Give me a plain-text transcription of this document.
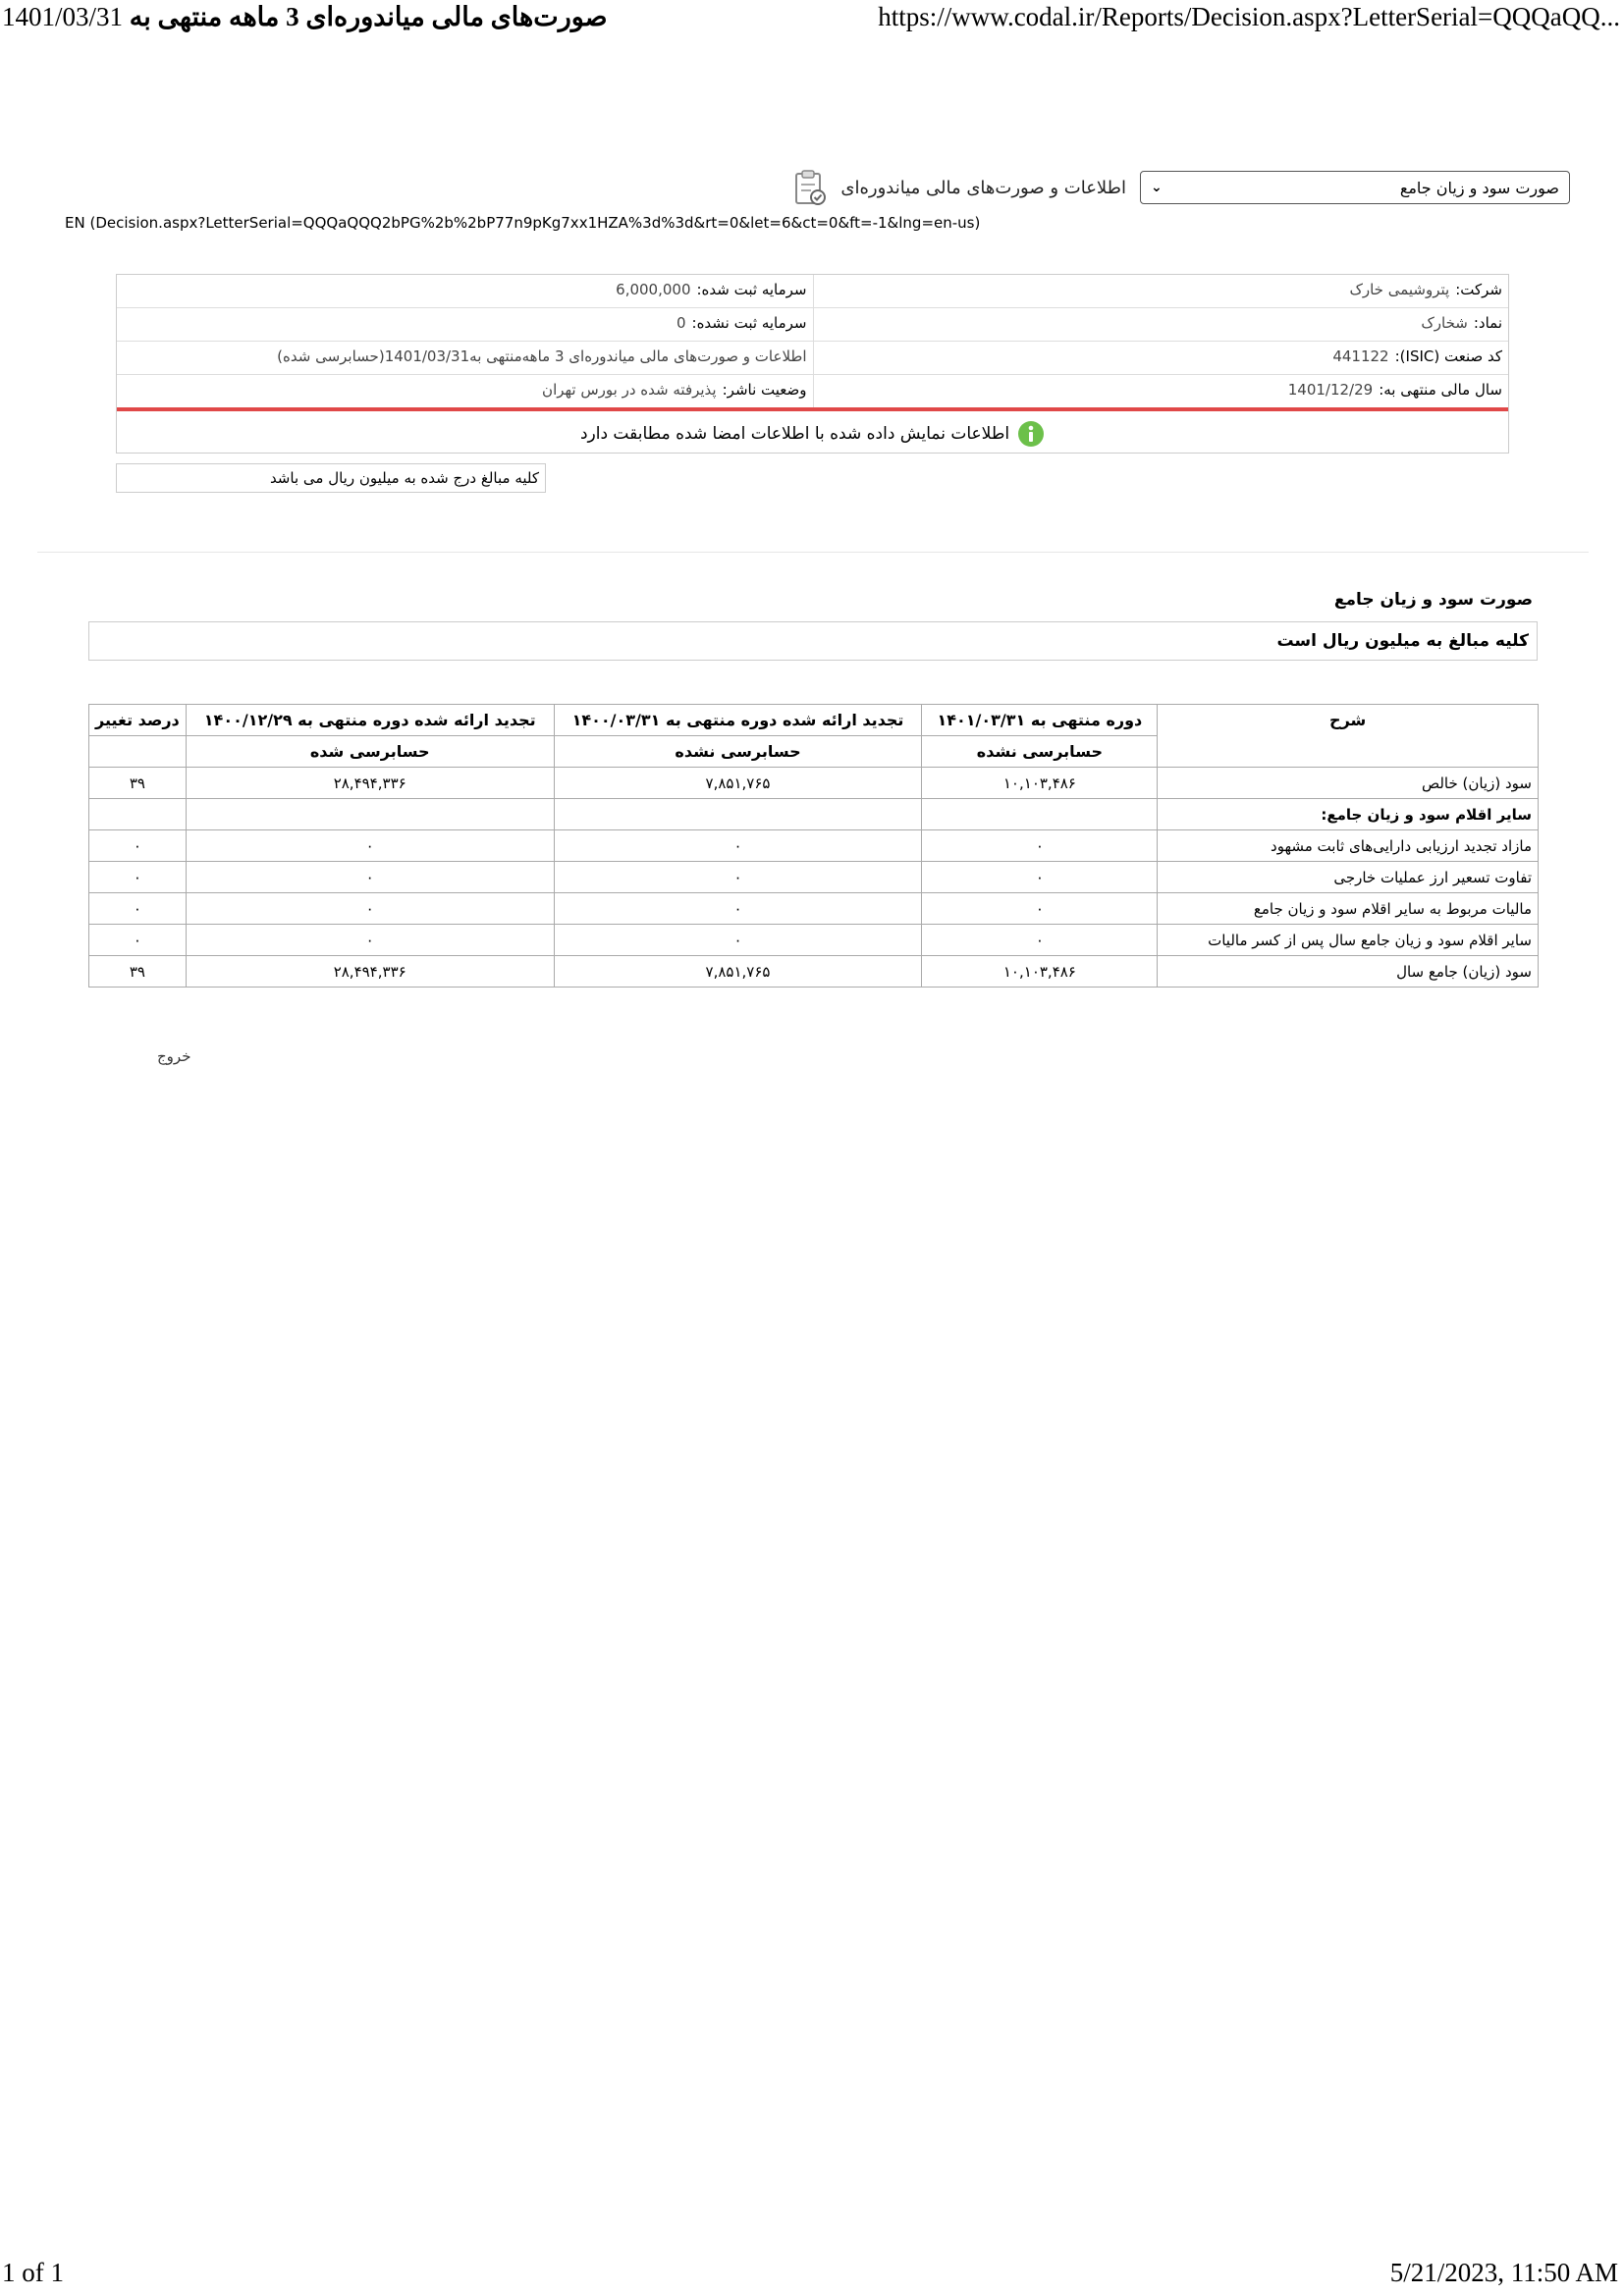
1401/03/31 صورت‌های مالی میاندوره‌ای 3 ماهه منتهی به	https://www.codal.ir/Reports/Decision.aspx?LetterSerial=QQQaQQ...
اطلاعات و صورت‌های مالی میاندوره‌ای	صورت سود و زیان جامع
⌄
EN (Decision.aspx?LetterSerial=QQQaQQQ2bPG%2b%2bP77n9pKg7xx1HZA%3d%3d&rt=0&let=6&ct=0&ft=-1&lng=en-us)
شرکت:پتروشیمی خارک
سرمایه ثبت شده:6,000,000
نماد:شخارک
سرمایه ثبت نشده:0
کد صنعت (ISIC):441122
اطلاعات و صورت‌های مالی میاندوره‌ای 3 ماهه‌منتهی به1401/03/31(حسابرسی شده)
سال مالی منتهی به:1401/12/29
وضعیت ناشر:پذیرفته شده در بورس تهران
اطلاعات نمایش داده شده با اطلاعات امضا شده مطابقت دارد
کلیه مبالغ درج شده به میلیون ریال می باشد
صورت سود و زیان جامع
کلیه مبالغ به میلیون ریال است
شرح	دوره منتهی به ۱۴۰۱/۰۳/۳۱	تجدید ارائه شده دوره منتهی به ۱۴۰۰/۰۳/۳۱	تجدید ارائه شده دوره منتهی به ۱۴۰۰/۱۲/۲۹	درصد تغییر
	حسابرسی نشده	حسابرسی نشده	حسابرسی شده	
سود (زیان) خالص	۱۰,۱۰۳,۴۸۶	۷,۸۵۱,۷۶۵	۲۸,۴۹۴,۳۳۶	۳۹
سایر اقلام سود و زیان جامع:				
مازاد تجدید ارزیابی دارایی‌های ثابت مشهود	۰	۰	۰	۰
تفاوت تسعیر ارز عملیات خارجی	۰	۰	۰	۰
مالیات مربوط به سایر اقلام سود و زیان جامع	۰	۰	۰	۰
سایر اقلام سود و زیان جامع سال پس از کسر مالیات	۰	۰	۰	۰
سود (زیان) جامع سال	۱۰,۱۰۳,۴۸۶	۷,۸۵۱,۷۶۵	۲۸,۴۹۴,۳۳۶	۳۹
خروج
1 of 1	5/21/2023, 11:50 AM
